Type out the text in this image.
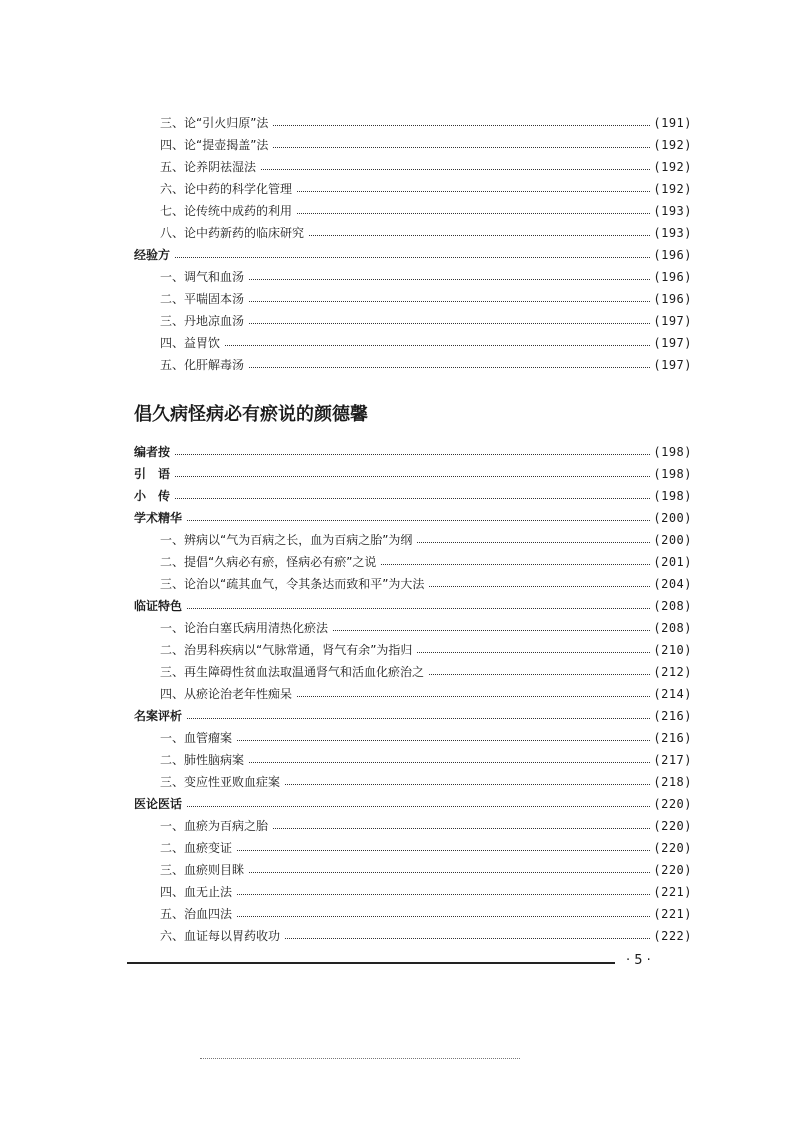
三、论“引火归原”法	(191)
四、论“提壶揭盖”法	(192)
五、论养阴祛湿法	(192)
六、论中药的科学化管理	(192)
七、论传统中成药的利用	(193)
八、论中药新药的临床研究	(193)
经验方	(196)
一、调气和血汤	(196)
二、平喘固本汤	(196)
三、丹地凉血汤	(197)
四、益胃饮	(197)
五、化肝解毒汤	(197)
倡久病怪病必有瘀说的颜德馨
编者按	(198)
引　语	(198)
小　传	(198)
学术精华	(200)
一、辨病以“气为百病之长，血为百病之胎”为纲	(200)
二、提倡“久病必有瘀，怪病必有瘀”之说	(201)
三、论治以“疏其血气，令其条达而致和平”为大法	(204)
临证特色	(208)
一、论治白塞氏病用清热化瘀法	(208)
二、治男科疾病以“气脉常通，肾气有余”为指归	(210)
三、再生障碍性贫血法取温通肾气和活血化瘀治之	(212)
四、从瘀论治老年性痴呆	(214)
名案评析	(216)
一、血管瘤案	(216)
二、肺性脑病案	(217)
三、变应性亚败血症案	(218)
医论医话	(220)
一、血瘀为百病之胎	(220)
二、血瘀变证	(220)
三、血瘀则目眯	(220)
四、血无止法	(221)
五、治血四法	(221)
六、血证每以胃药收功	(222)
· 5 ·
